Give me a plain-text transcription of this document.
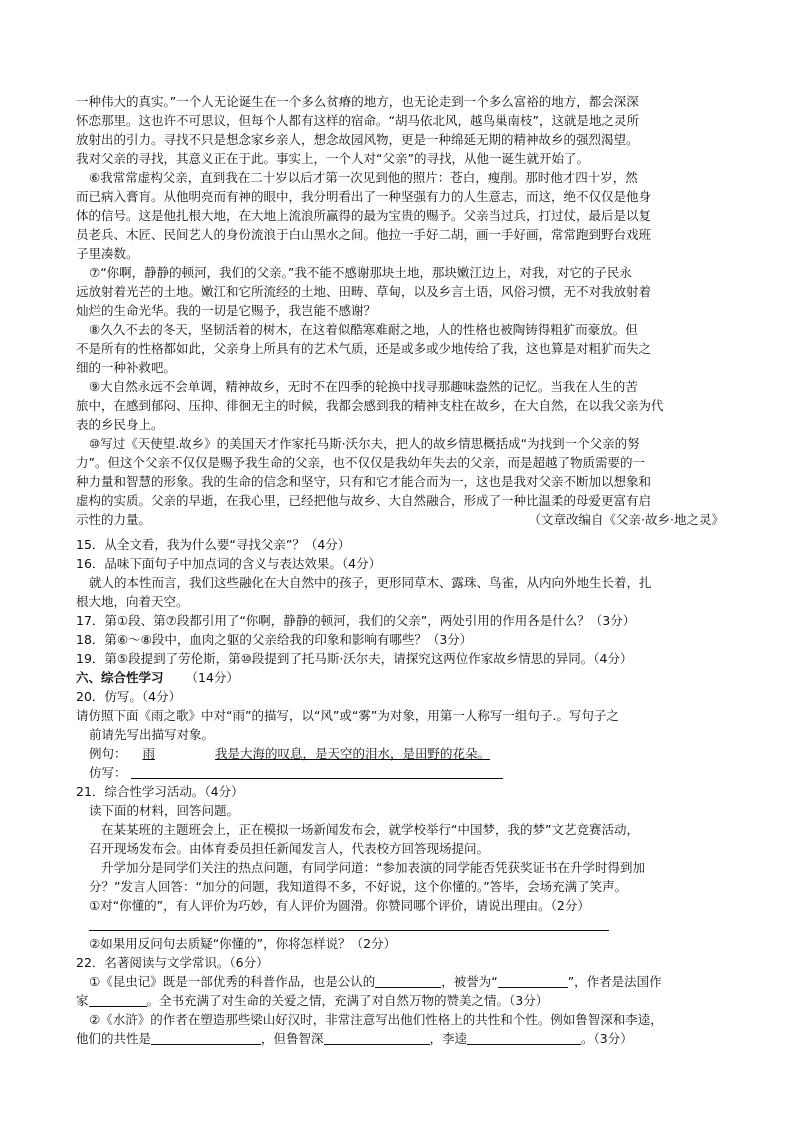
一种伟大的真实。”一个人无论诞生在一个多么贫瘠的地方，也无论走到一个多么富裕的地方，都会深深
怀恋那里。这也许不可思议，但每个人都有这样的宿命。“胡马依北风，越鸟巢南枝”，这就是地之灵所
放射出的引力。寻找不只是想念家乡亲人，想念故园风物，更是一种绵延无期的精神故乡的强烈渴望。
我对父亲的寻找，其意义正在于此。事实上，一个人对“父亲”的寻找，从他一诞生就开始了。
⑥我常常虚构父亲，直到我在二十岁以后才第一次见到他的照片：苍白，瘦削。那时他才四十岁，然
而已病入膏肓。从他明亮而有神的眼中，我分明看出了一种坚强有力的人生意志，而这，绝不仅仅是他身
体的信号。这是他扎根大地，在大地上流浪所赢得的最为宝贵的赐予。父亲当过兵，打过仗，最后是以复
员老兵、木匠、民间艺人的身份流浪于白山黑水之间。他拉一手好二胡，画一手好画，常常跑到野台戏班
子里凑数。
⑦“你啊，静静的顿河，我们的父亲。”我不能不感谢那块土地，那块嫩江边上，对我，对它的子民永
远放射着光芒的土地。嫩江和它所流经的土地、田畴、草甸，以及乡言土语，风俗习惯，无不对我放射着
灿烂的生命光华。我的一切是它赐予，我岂能不感谢？
⑧久久不去的冬天，坚韧活着的树木，在这着似酷寒难耐之地，人的性格也被陶铸得粗犷而豪放。但
不是所有的性格都如此，父亲身上所具有的艺术气质，还是或多或少地传给了我，这也算是对粗犷而失之
细的一种补救吧。
⑨大自然永远不会单调，精神故乡，无时不在四季的轮换中找寻那趣味盎然的记忆。当我在人生的苦
旅中，在感到郁闷、压抑、徘徊无主的时候，我都会感到我的精神支柱在故乡，在大自然，在以我父亲为代
表的乡民身上。
⑩写过《天使望.故乡》的美国天才作家托马斯·沃尔夫，把人的故乡情思概括成“为找到一个父亲的努
力”。但这个父亲不仅仅是赐予我生命的父亲，也不仅仅是我幼年失去的父亲，而是超越了物质需要的一
种力量和智慧的形象。我的生命的信念和坚守，只有和它才能合而为一，这也是我对父亲不断加以想象和
虚构的实质。父亲的早逝，在我心里，已经把他与故乡、大自然融合，形成了一种比温柔的母爱更富有启
示性的力量。	（文章改编自《父亲·故乡·地之灵》
15．从全文看，我为什么要“寻找父亲”？（4分）
16．品味下面句子中加点词的含义与表达效果。（4分）
就人的本性而言，我们这些融化在大自然中的孩子，更形同草木、露珠、鸟雀，从内向外地生长着，扎
根大地，向着天空。
17．第①段、第⑦段都引用了“你啊，静静的顿河，我们的父亲”，两处引用的作用各是什么？（3分）
18．第⑥～⑧段中，血肉之躯的父亲给我的印象和影响有哪些？（3分）
19．第⑤段提到了劳伦斯，第⑩段提到了托马斯·沃尔夫，请探究这两位作家故乡情思的异同。（4分）
六、综合性学习 （14分）
20．仿写。（4分）
请仿照下面《雨之歌》中对“雨”的描写，以“风”或“雾”为对象，用第一人称写一组句子.。写句子之
前请先写出描写对象。
例句： 雨	我是大海的叹息，是天空的泪水，是田野的花朵。
仿写：
21．综合性学习活动。（4分）
读下面的材料，回答问题。
在某某班的主题班会上，正在模拟一场新闻发布会，就学校举行“中国梦，我的梦”文艺竞赛活动，
召开现场发布会。由体育委员担任新闻发言人，代表校方回答现场提问。
升学加分是同学们关注的热点问题，有同学问道：“参加表演的同学能否凭获奖证书在升学时得到加
分？”发言人回答：“加分的问题，我知道得不多，不好说，这个你懂的。”答毕，会场充满了笑声。
①对“你懂的”，有人评价为巧妙，有人评价为圆滑。你赞同哪个评价，请说出理由。（2分）
②如果用反问句去质疑“你懂的”，你将怎样说？（2分）
22．名著阅读与文学常识。（6分）
①《昆虫记》既是一部优秀的科普作品，也是公认的	，被誉为“	”，作者是法国作
家	。全书充满了对生命的关爱之情，充满了对自然万物的赞美之情。（3分）
②《水浒》的作者在塑造那些梁山好汉时，非常注意写出他们性格上的共性和个性。例如鲁智深和李逵，
他们的共性是	，但鲁智深	，李逵	。（3分）
